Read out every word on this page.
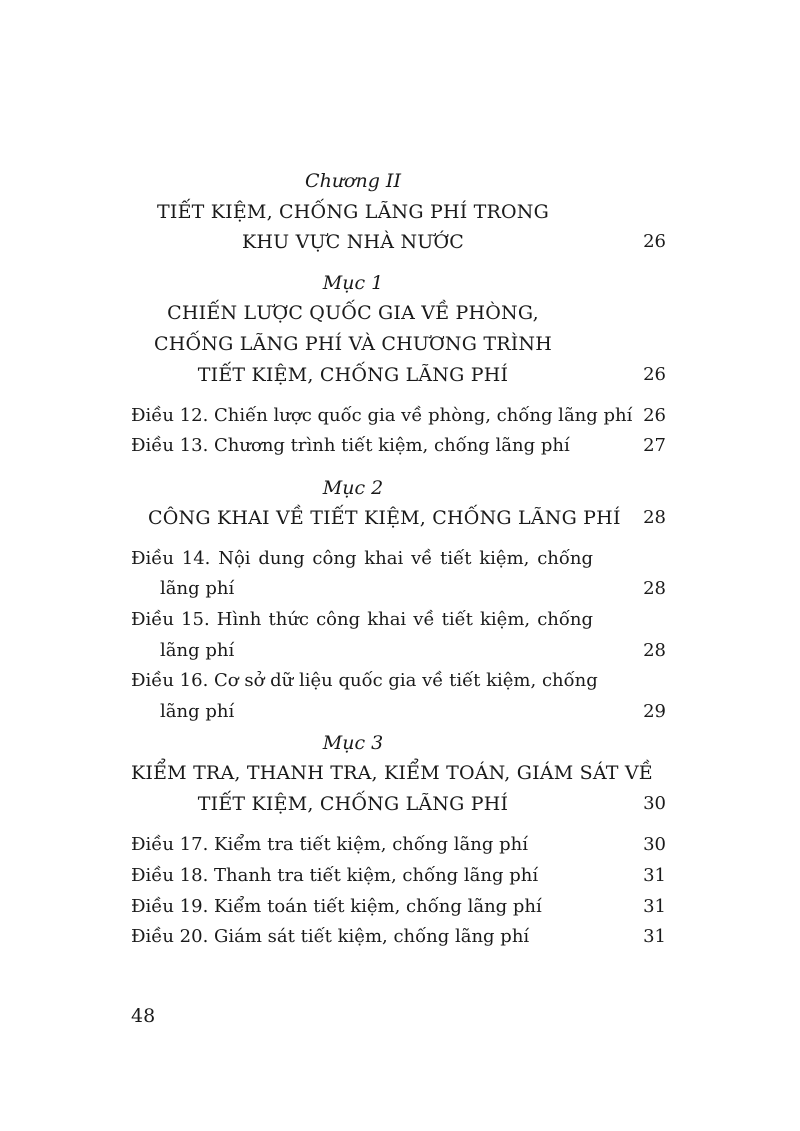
Chương II
TIẾT KIỆM, CHỐNG LÃNG PHÍ TRONG
KHU VỰC NHÀ NƯỚC	26
Mục 1
CHIẾN LƯỢC QUỐC GIA VỀ PHÒNG,
CHỐNG LÃNG PHÍ VÀ CHƯƠNG TRÌNH
TIẾT KIỆM, CHỐNG LÃNG PHÍ	26
Điều 12. Chiến lược quốc gia về phòng, chống lãng phí 26
Điều 13. Chương trình tiết kiệm, chống lãng phí	27
Mục 2
CÔNG KHAI VỀ TIẾT KIỆM, CHỐNG LÃNG PHÍ 28
Điều 14. Nội dung công khai về tiết kiệm, chống
lãng phí	28
Điều 15. Hình thức công khai về tiết kiệm, chống
lãng phí	28
Điều 16. Cơ sở dữ liệu quốc gia về tiết kiệm, chống
lãng phí	29
Mục 3
KIỂM TRA, THANH TRA, KIỂM TOÁN, GIÁM SÁT VỀ
TIẾT KIỆM, CHỐNG LÃNG PHÍ	30
Điều 17. Kiểm tra tiết kiệm, chống lãng phí	30
Điều 18. Thanh tra tiết kiệm, chống lãng phí	31
Điều 19. Kiểm toán tiết kiệm, chống lãng phí	31
Điều 20. Giám sát tiết kiệm, chống lãng phí	31
48
